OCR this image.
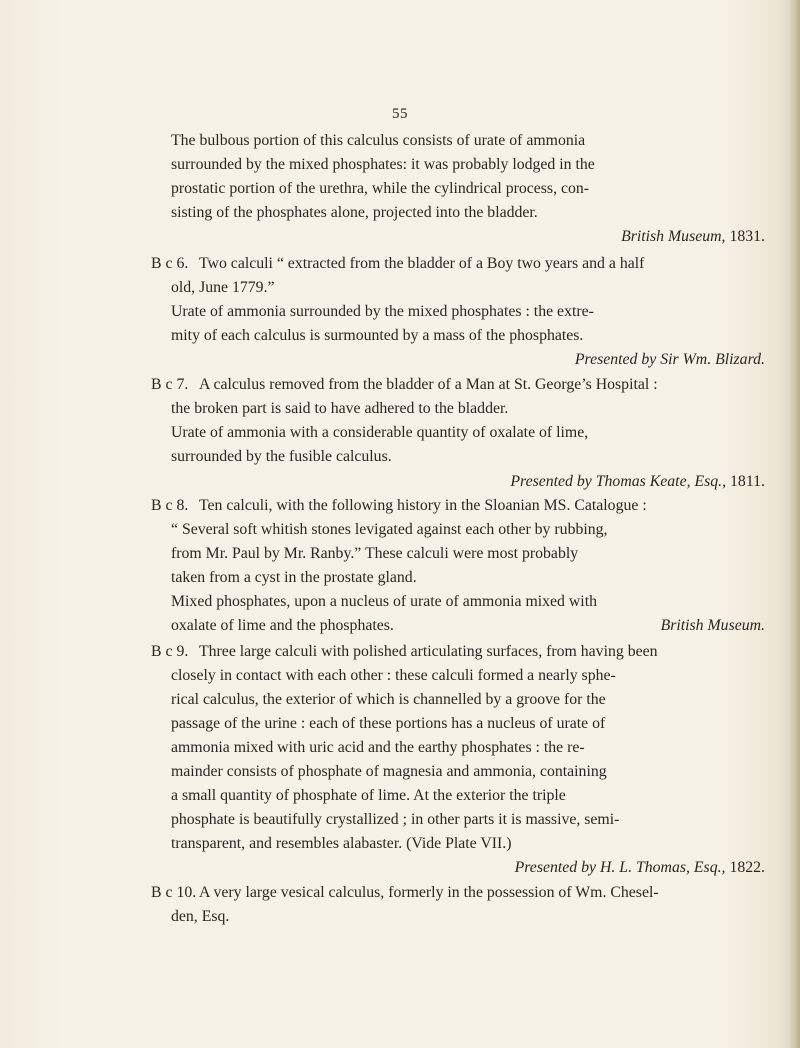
55
The bulbous portion of this calculus consists of urate of ammonia
surrounded by the mixed phosphates: it was probably lodged in the
prostatic portion of the urethra, while the cylindrical process, con-
sisting of the phosphates alone, projected into the bladder.
British Museum, 1831.
B c 6. Two calculi “ extracted from the bladder of a Boy two years and a half
old, June 1779.”
Urate of ammonia surrounded by the mixed phosphates : the extre-
mity of each calculus is surmounted by a mass of the phosphates.
Presented by Sir Wm. Blizard.
B c 7. A calculus removed from the bladder of a Man at St. George’s Hospital :
the broken part is said to have adhered to the bladder.
Urate of ammonia with a considerable quantity of oxalate of lime,
surrounded by the fusible calculus.
Presented by Thomas Keate, Esq., 1811.
B c 8. Ten calculi, with the following history in the Sloanian MS. Catalogue :
“ Several soft whitish stones levigated against each other by rubbing,
from Mr. Paul by Mr. Ranby.” These calculi were most probably
taken from a cyst in the prostate gland.
Mixed phosphates, upon a nucleus of urate of ammonia mixed with
oxalate of lime and the phosphates.	British Museum.
B c 9. Three large calculi with polished articulating surfaces, from having been
closely in contact with each other : these calculi formed a nearly sphe-
rical calculus, the exterior of which is channelled by a groove for the
passage of the urine : each of these portions has a nucleus of urate of
ammonia mixed with uric acid and the earthy phosphates : the re-
mainder consists of phosphate of magnesia and ammonia, containing
a small quantity of phosphate of lime. At the exterior the triple
phosphate is beautifully crystallized ; in other parts it is massive, semi-
transparent, and resembles alabaster. (Vide Plate VII.)
Presented by H. L. Thomas, Esq., 1822.
B c 10. A very large vesical calculus, formerly in the possession of Wm. Chesel-
den, Esq.
